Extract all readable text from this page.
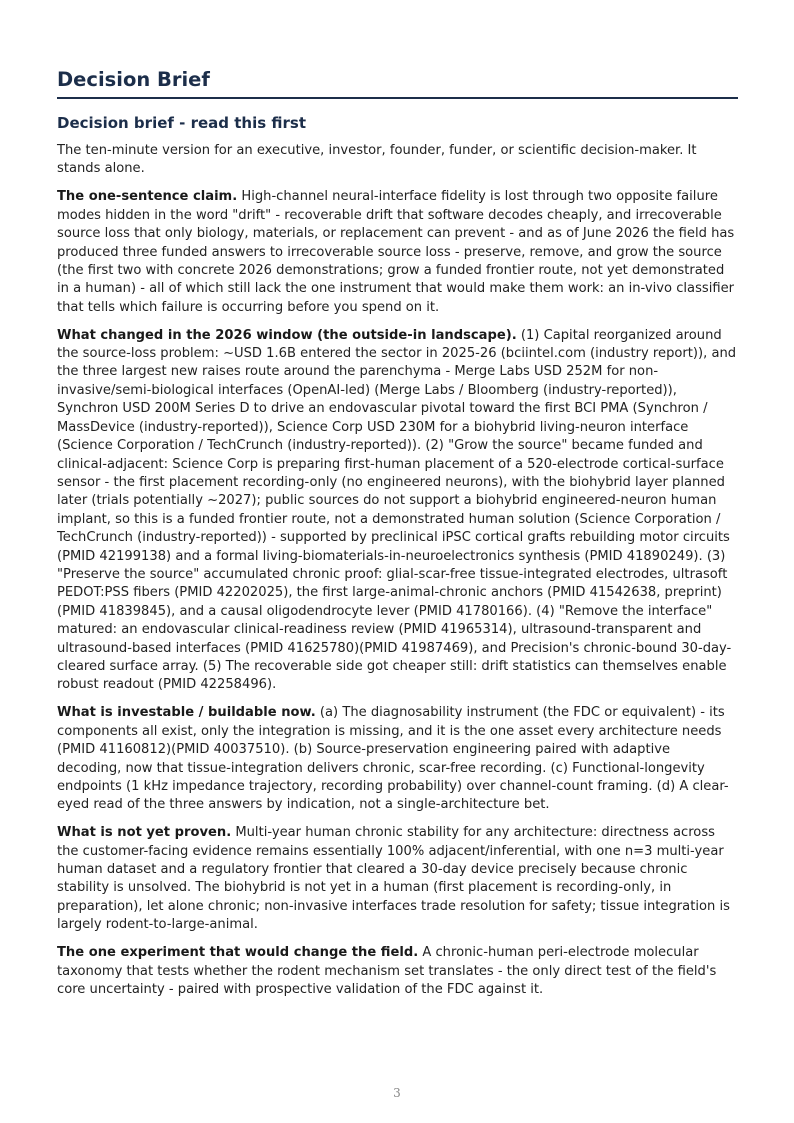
Decision Brief
Decision brief - read this first

The ten-minute version for an executive, investor, founder, funder, or scientific decision-maker. It stands alone.

The one-sentence claim. High-channel neural-interface fidelity is lost through two opposite failure modes hidden in the word "drift" - recoverable drift that software decodes cheaply, and irrecoverable source loss that only biology, materials, or replacement can prevent - and as of June 2026 the field has produced three funded answers to irrecoverable source loss - preserve, remove, and grow the source (the first two with concrete 2026 demonstrations; grow a funded frontier route, not yet demonstrated in a human) - all of which still lack the one instrument that would make them work: an in-vivo classifier that tells which failure is occurring before you spend on it.

What changed in the 2026 window (the outside-in landscape). (1) Capital reorganized around the source-loss problem: ~USD 1.6B entered the sector in 2025-26 (bciintel.com (industry report)), and the three largest new raises route around the parenchyma - Merge Labs USD 252M for non-invasive/semi-biological interfaces (OpenAI-led) (Merge Labs / Bloomberg (industry-reported)), Synchron USD 200M Series D to drive an endovascular pivotal toward the first BCI PMA (Synchron / MassDevice (industry-reported)), Science Corp USD 230M for a biohybrid living-neuron interface (Science Corporation / TechCrunch (industry-reported)). (2) "Grow the source" became funded and clinical-adjacent: Science Corp is preparing first-human placement of a 520-electrode cortical-surface sensor - the first placement recording-only (no engineered neurons), with the biohybrid layer planned later (trials potentially ~2027); public sources do not support a biohybrid engineered-neuron human implant, so this is a funded frontier route, not a demonstrated human solution (Science Corporation / TechCrunch (industry-reported)) - supported by preclinical iPSC cortical grafts rebuilding motor circuits (PMID 42199138) and a formal living-biomaterials-in-neuroelectronics synthesis (PMID 41890249). (3) "Preserve the source" accumulated chronic proof: glial-scar-free tissue-integrated electrodes, ultrasoft PEDOT:PSS fibers (PMID 42202025), the first large-animal-chronic anchors (PMID 41542638, preprint)(PMID 41839845), and a causal oligodendrocyte lever (PMID 41780166). (4) "Remove the interface" matured: an endovascular clinical-readiness review (PMID 41965314), ultrasound-transparent and ultrasound-based interfaces (PMID 41625780)(PMID 41987469), and Precision's chronic-bound 30-day-cleared surface array. (5) The recoverable side got cheaper still: drift statistics can themselves enable robust readout (PMID 42258496).

What is investable / buildable now. (a) The diagnosability instrument (the FDC or equivalent) - its components all exist, only the integration is missing, and it is the one asset every architecture needs (PMID 41160812)(PMID 40037510). (b) Source-preservation engineering paired with adaptive decoding, now that tissue-integration delivers chronic, scar-free recording. (c) Functional-longevity endpoints (1 kHz impedance trajectory, recording probability) over channel-count framing. (d) A clear-eyed read of the three answers by indication, not a single-architecture bet.

What is not yet proven. Multi-year human chronic stability for any architecture: directness across the customer-facing evidence remains essentially 100% adjacent/inferential, with one n=3 multi-year human dataset and a regulatory frontier that cleared a 30-day device precisely because chronic stability is unsolved. The biohybrid is not yet in a human (first placement is recording-only, in preparation), let alone chronic; non-invasive interfaces trade resolution for safety; tissue integration is largely rodent-to-large-animal.

The one experiment that would change the field. A chronic-human peri-electrode molecular taxonomy that tests whether the rodent mechanism set translates - the only direct test of the field's core uncertainty - paired with prospective validation of the FDC against it.

3
